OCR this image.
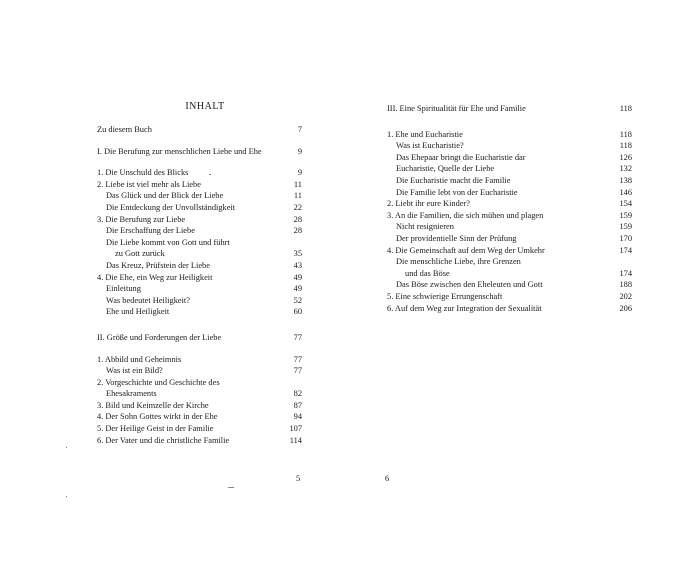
INHALT
Zu diesem Buch	7
I. Die Berufung zur menschlichen Liebe und Ehe	9
1. Die Unschuld des Blicks	9
2. Liebe ist viel mehr als Liebe	11
Das Glück und der Blick der Liebe	11
Die Entdeckung der Unvollständigkeit	22
3. Die Berufung zur Liebe	28
Die Erschaffung der Liebe	28
Die Liebe kommt von Gott und führt
zu Gott zurück	35
Das Kreuz, Prüfstein der Liebe	43
4. Die Ehe, ein Weg zur Heiligkeit	49
Einleitung	49
Was bedeutet Heiligkeit?	52
Ehe und Heiligkeit	60
II. Größe und Forderungen der Liebe	77
1. Abbild und Geheimnis	77
Was ist ein Bild?	77
2. Vorgeschichte und Geschichte des
Ehesakraments	82
3. Bild und Keimzelle der Kirche	87
4. Der Sohn Gottes wirkt in der Ehe	94
5. Der Heilige Geist in der Familie	107
6. Der Vater und die christliche Familie	114
5
III. Eine Spiritualität für Ehe und Familie	118
1. Ehe und Eucharistie	118
Was ist Eucharistie?	118
Das Ehepaar bringt die Eucharistie dar	126
Eucharistie, Quelle der Liebe	132
Die Eucharistie macht die Familie	138
Die Familie lebt von der Eucharistie	146
2. Liebt ihr eure Kinder?	154
3. An die Familien, die sich mühen und plagen	159
Nicht resignieren	159
Der providentielle Sinn der Prüfung	170
4. Die Gemeinschaft auf dem Weg der Umkehr	174
Die menschliche Liebe, ihre Grenzen
und das Böse	174
Das Böse zwischen den Eheleuten und Gott	188
5. Eine schwierige Errungenschaft	202
6. Auf dem Weg zur Integration der Sexualität	206
6
